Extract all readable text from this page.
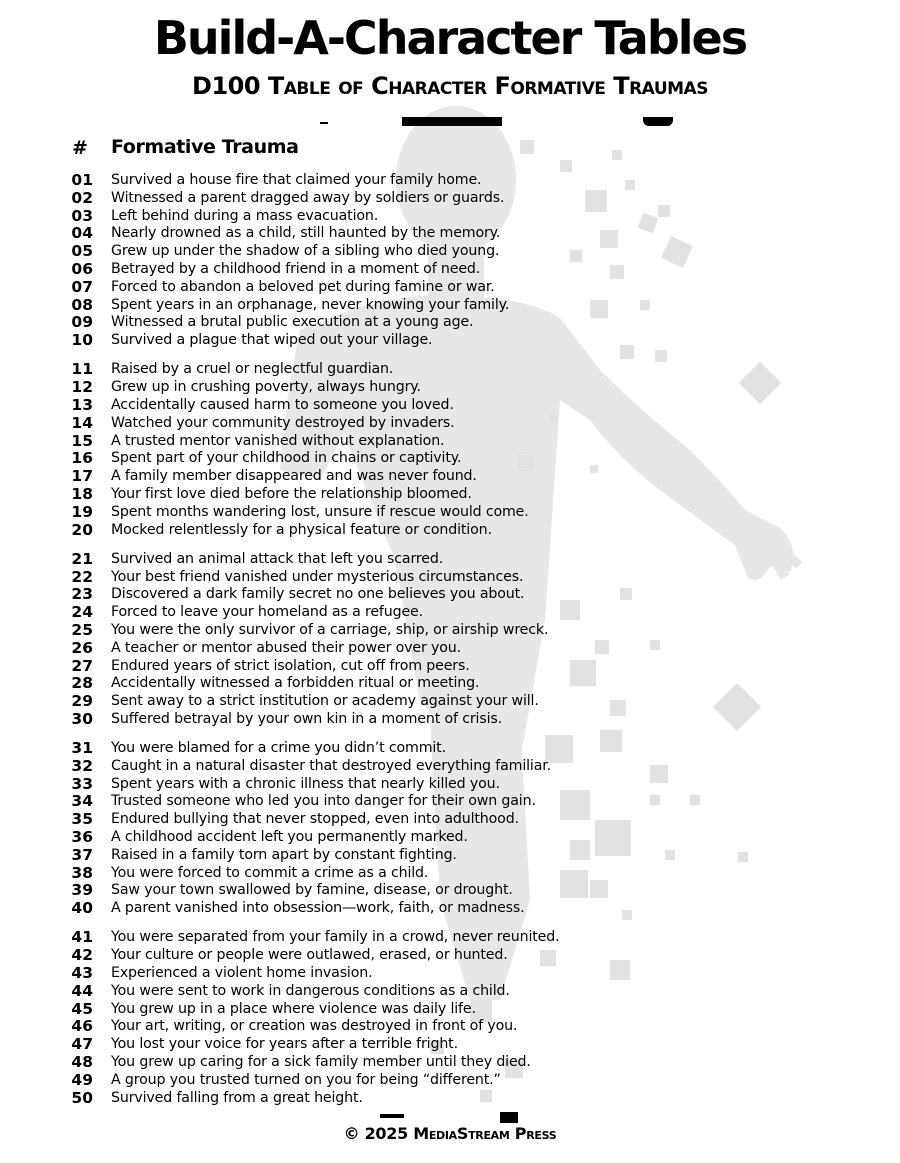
Build-A-Character Tables
D100 Table of Character Formative Traumas
# Formative Trauma
01 Survived a house fire that claimed your family home.
02 Witnessed a parent dragged away by soldiers or guards.
03 Left behind during a mass evacuation.
04 Nearly drowned as a child, still haunted by the memory.
05 Grew up under the shadow of a sibling who died young.
06 Betrayed by a childhood friend in a moment of need.
07 Forced to abandon a beloved pet during famine or war.
08 Spent years in an orphanage, never knowing your family.
09 Witnessed a brutal public execution at a young age.
10 Survived a plague that wiped out your village.
11 Raised by a cruel or neglectful guardian.
12 Grew up in crushing poverty, always hungry.
13 Accidentally caused harm to someone you loved.
14 Watched your community destroyed by invaders.
15 A trusted mentor vanished without explanation.
16 Spent part of your childhood in chains or captivity.
17 A family member disappeared and was never found.
18 Your first love died before the relationship bloomed.
19 Spent months wandering lost, unsure if rescue would come.
20 Mocked relentlessly for a physical feature or condition.
21 Survived an animal attack that left you scarred.
22 Your best friend vanished under mysterious circumstances.
23 Discovered a dark family secret no one believes you about.
24 Forced to leave your homeland as a refugee.
25 You were the only survivor of a carriage, ship, or airship wreck.
26 A teacher or mentor abused their power over you.
27 Endured years of strict isolation, cut off from peers.
28 Accidentally witnessed a forbidden ritual or meeting.
29 Sent away to a strict institution or academy against your will.
30 Suffered betrayal by your own kin in a moment of crisis.
31 You were blamed for a crime you didn’t commit.
32 Caught in a natural disaster that destroyed everything familiar.
33 Spent years with a chronic illness that nearly killed you.
34 Trusted someone who led you into danger for their own gain.
35 Endured bullying that never stopped, even into adulthood.
36 A childhood accident left you permanently marked.
37 Raised in a family torn apart by constant fighting.
38 You were forced to commit a crime as a child.
39 Saw your town swallowed by famine, disease, or drought.
40 A parent vanished into obsession—work, faith, or madness.
41 You were separated from your family in a crowd, never reunited.
42 Your culture or people were outlawed, erased, or hunted.
43 Experienced a violent home invasion.
44 You were sent to work in dangerous conditions as a child.
45 You grew up in a place where violence was daily life.
46 Your art, writing, or creation was destroyed in front of you.
47 You lost your voice for years after a terrible fright.
48 You grew up caring for a sick family member until they died.
49 A group you trusted turned on you for being “different.”
50 Survived falling from a great height.
© 2025 MediaStream Press
